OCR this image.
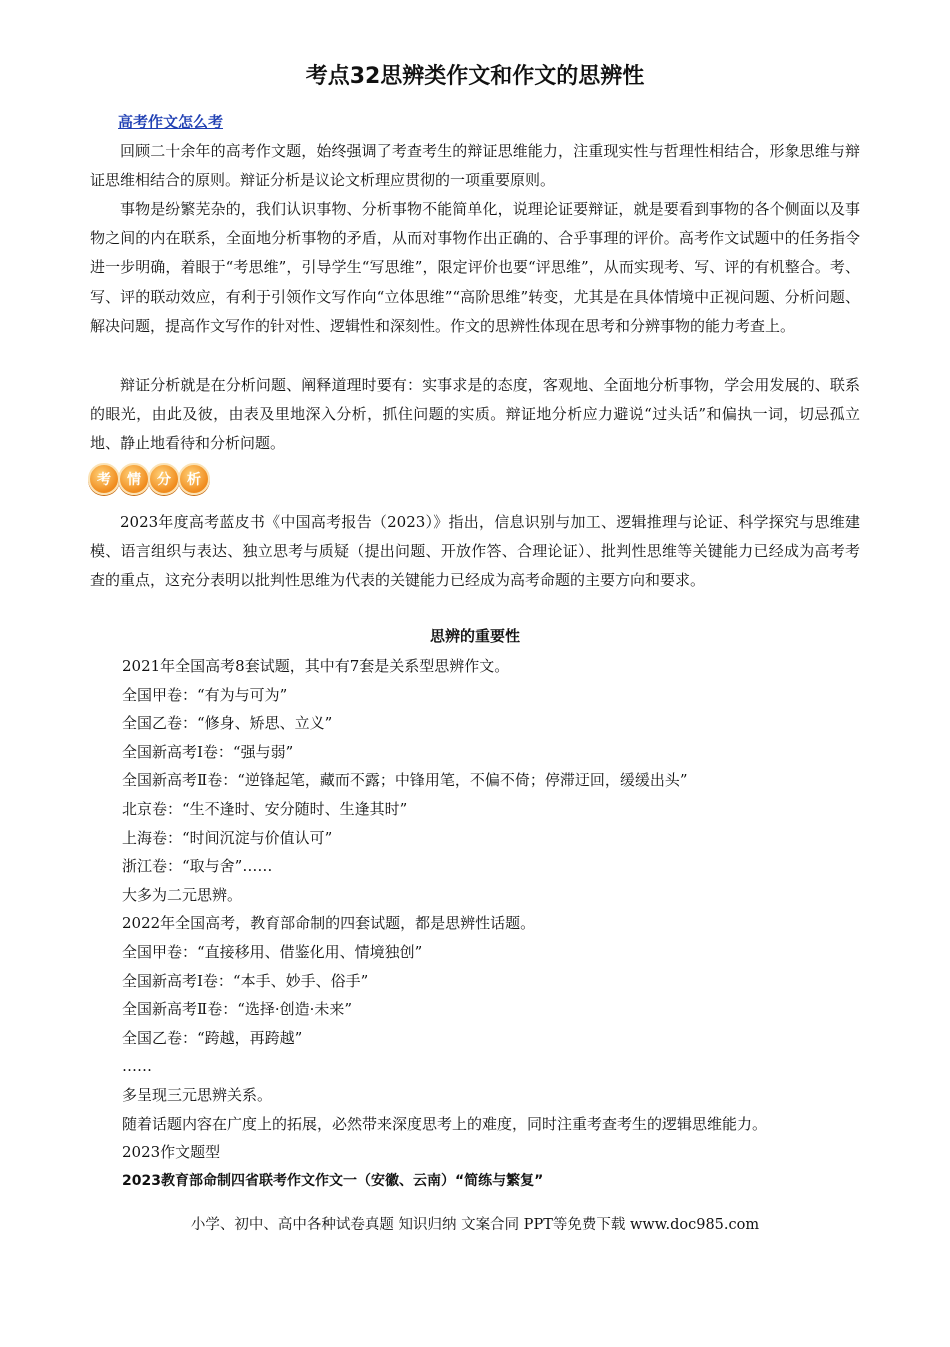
考点32思辨类作文和作文的思辨性
高考作文怎么考

回顾二十余年的高考作文题，始终强调了考查考生的辩证思维能力，注重现实性与哲理性相结合，形象思维与辩证思维相结合的原则。辩证分析是议论文析理应贯彻的一项重要原则。

事物是纷繁芜杂的，我们认识事物、分析事物不能简单化，说理论证要辩证，就是要看到事物的各个侧面以及事物之间的内在联系，全面地分析事物的矛盾，从而对事物作出正确的、合乎事理的评价。高考作文试题中的任务指令进一步明确，着眼于“考思维”，引导学生“写思维”，限定评价也要“评思维”，从而实现考、写、评的有机整合。考、写、评的联动效应，有利于引领作文写作向“立体思维”“高阶思维”转变，尤其是在具体情境中正视问题、分析问题、解决问题，提高作文写作的针对性、逻辑性和深刻性。作文的思辨性体现在思考和分辨事物的能力考查上。

辩证分析就是在分析问题、阐释道理时要有：实事求是的态度，客观地、全面地分析事物，学会用发展的、联系的眼光，由此及彼，由表及里地深入分析，抓住问题的实质。辩证地分析应力避说“过头话”和偏执一词，切忌孤立地、静止地看待和分析问题。

考	情	分	析

2023年度高考蓝皮书《中国高考报告（2023）》指出，信息识别与加工、逻辑推理与论证、科学探究与思维建模、语言组织与表达、独立思考与质疑（提出问题、开放作答、合理论证）、批判性思维等关键能力已经成为高考考查的重点，这充分表明以批判性思维为代表的关键能力已经成为高考命题的主要方向和要求。

思辨的重要性
2021年全国高考8套试题，其中有7套是关系型思辨作文。
全国甲卷：“有为与可为”
全国乙卷：“修身、矫思、立义”
全国新高考Ⅰ卷：“强与弱”
全国新高考Ⅱ卷：“逆锋起笔，藏而不露；中锋用笔，不偏不倚；停滞迂回，缓缓出头”
北京卷：“生不逢时、安分随时、生逢其时”
上海卷：“时间沉淀与价值认可”
浙江卷：“取与舍”……
大多为二元思辨。
2022年全国高考，教育部命制的四套试题，都是思辨性话题。
全国甲卷：“直接移用、借鉴化用、情境独创”
全国新高考Ⅰ卷：“本手、妙手、俗手”
全国新高考Ⅱ卷：“选择·创造·未来”
全国乙卷：“跨越，再跨越”
……
多呈现三元思辨关系。
随着话题内容在广度上的拓展，必然带来深度思考上的难度，同时注重考查考生的逻辑思维能力。
2023作文题型
2023教育部命制四省联考作文作文一（安徽、云南）“简练与繁复”
小学、初中、高中各种试卷真题 知识归纳 文案合同 PPT等免费下载 www.doc985.com
